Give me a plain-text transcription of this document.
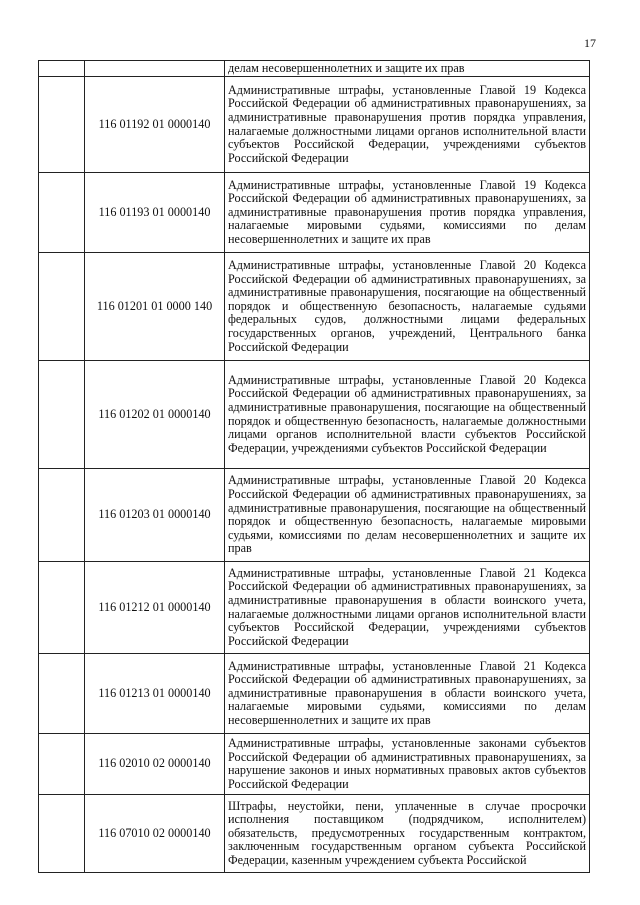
17
		делам несовершеннолетних и защите их прав
	116 01192 01 0000140	Административные штрафы, установленные Главой 19 Кодекса Российской Федерации об административных правонарушениях, за административные правонарушения против порядка управления, налагаемые должностными лицами органов исполнительной власти субъектов Российской Федерации, учреждениями субъектов Российской Федерации
	116 01193 01 0000140	Административные штрафы, установленные Главой 19 Кодекса Российской Федерации об административных правонарушениях, за административные правонарушения против порядка управления, налагаемые мировыми судьями, комиссиями по делам несовершеннолетних и защите их прав
	116 01201 01 0000 140	Административные штрафы, установленные Главой 20 Кодекса Российской Федерации об административных правонарушениях, за административные правонарушения, посягающие на общественный порядок и общественную безопасность, налагаемые судьями федеральных судов, должностными лицами федеральных государственных органов, учреждений, Центрального банка Российской Федерации
	116 01202 01 0000140	Административные штрафы, установленные Главой 20 Кодекса Российской Федерации об административных правонарушениях, за административные правонарушения, посягающие на общественный порядок и общественную безопасность, налагаемые должностными лицами органов исполнительной власти субъектов Российской Федерации, учреждениями субъектов Российской Федерации
	116 01203 01 0000140	Административные штрафы, установленные Главой 20 Кодекса Российской Федерации об административных правонарушениях, за административные правонарушения, посягающие на общественный порядок и общественную безопасность, налагаемые мировыми судьями, комиссиями по делам несовершеннолетних и защите их прав
	116 01212 01 0000140	Административные штрафы, установленные Главой 21 Кодекса Российской Федерации об административных правонарушениях, за административные правонарушения в области воинского учета, налагаемые должностными лицами органов исполнительной власти субъектов Российской Федерации, учреждениями субъектов Российской Федерации
	116 01213 01 0000140	Административные штрафы, установленные Главой 21 Кодекса Российской Федерации об административных правонарушениях, за административные правонарушения в области воинского учета, налагаемые мировыми судьями, комиссиями по делам несовершеннолетних и защите их прав
	116 02010 02 0000140	Административные штрафы, установленные законами субъектов Российской Федерации об административных правонарушениях, за нарушение законов и иных нормативных правовых актов субъектов Российской Федерации
	116 07010 02 0000140	Штрафы, неустойки, пени, уплаченные в случае просрочки исполнения поставщиком (подрядчиком, исполнителем) обязательств, предусмотренных государственным контрактом, заключенным государственным органом субъекта Российской Федерации, казенным учреждением субъекта Российской
